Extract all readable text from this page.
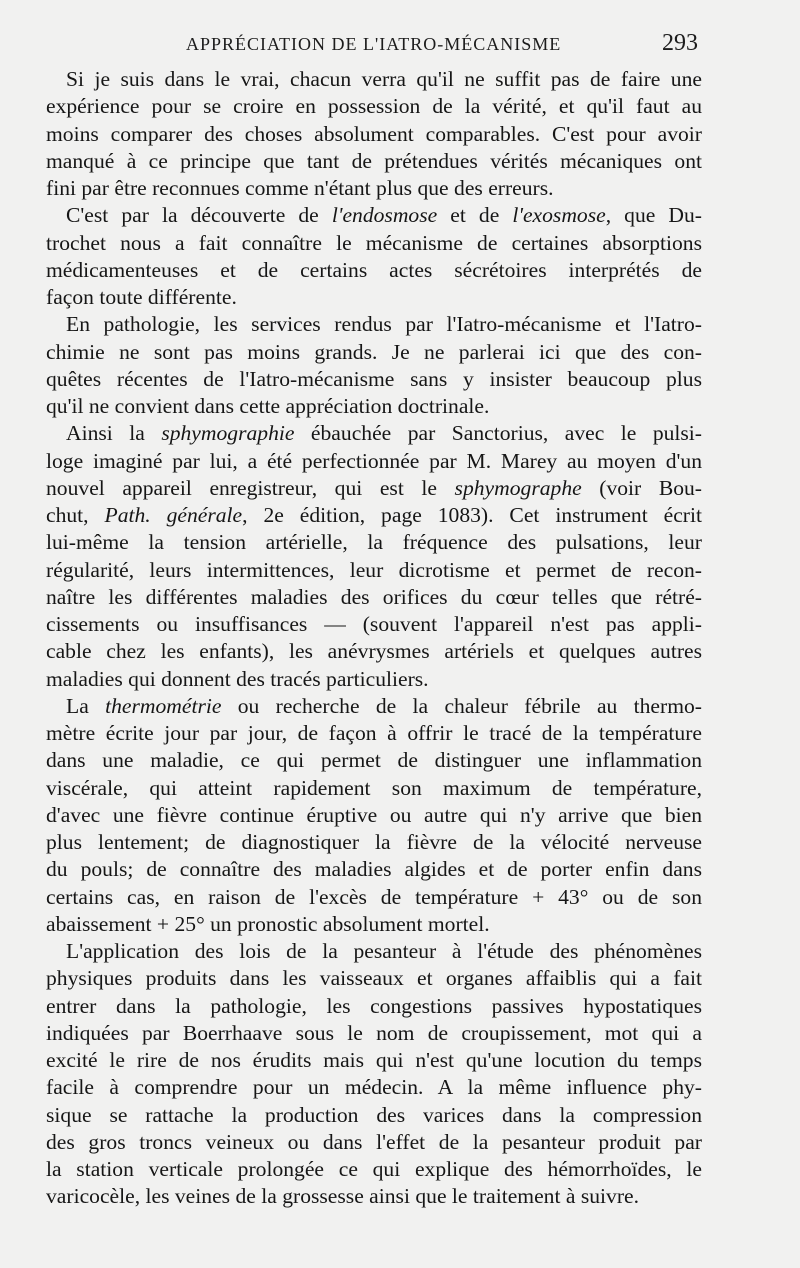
APPRÉCIATION DE L'IATRO-MÉCANISME	293

Si je suis dans le vrai, chacun verra qu'il ne suffit pas de faire une
expérience pour se croire en possession de la vérité, et qu'il faut au
moins comparer des choses absolument comparables. C'est pour avoir
manqué à ce principe que tant de prétendues vérités mécaniques ont
fini par être reconnues comme n'étant plus que des erreurs.

C'est par la découverte de l'endosmose et de l'exosmose, que Du-
trochet nous a fait connaître le mécanisme de certaines absorptions
médicamenteuses et de certains actes sécrétoires interprétés de
façon toute différente.

En pathologie, les services rendus par l'Iatro-mécanisme et l'Iatro-
chimie ne sont pas moins grands. Je ne parlerai ici que des con-
quêtes récentes de l'Iatro-mécanisme sans y insister beaucoup plus
qu'il ne convient dans cette appréciation doctrinale.

Ainsi la sphymographie ébauchée par Sanctorius, avec le pulsi-
loge imaginé par lui, a été perfectionnée par M. Marey au moyen d'un
nouvel appareil enregistreur, qui est le sphymographe (voir Bou-
chut, Path. générale, 2e édition, page 1083). Cet instrument écrit
lui-même la tension artérielle, la fréquence des pulsations, leur
régularité, leurs intermittences, leur dicrotisme et permet de recon-
naître les différentes maladies des orifices du cœur telles que rétré-
cissements ou insuffisances — (souvent l'appareil n'est pas appli-
cable chez les enfants), les anévrysmes artériels et quelques autres
maladies qui donnent des tracés particuliers.

La thermométrie ou recherche de la chaleur fébrile au thermo-
mètre écrite jour par jour, de façon à offrir le tracé de la température
dans une maladie, ce qui permet de distinguer une inflammation
viscérale, qui atteint rapidement son maximum de température,
d'avec une fièvre continue éruptive ou autre qui n'y arrive que bien
plus lentement; de diagnostiquer la fièvre de la vélocité nerveuse
du pouls; de connaître des maladies algides et de porter enfin dans
certains cas, en raison de l'excès de température + 43° ou de son
abaissement + 25° un pronostic absolument mortel.

L'application des lois de la pesanteur à l'étude des phénomènes
physiques produits dans les vaisseaux et organes affaiblis qui a fait
entrer dans la pathologie, les congestions passives hypostatiques
indiquées par Boerrhaave sous le nom de croupissement, mot qui a
excité le rire de nos érudits mais qui n'est qu'une locution du temps
facile à comprendre pour un médecin. A la même influence phy-
sique se rattache la production des varices dans la compression
des gros troncs veineux ou dans l'effet de la pesanteur produit par
la station verticale prolongée ce qui explique des hémorrhoïdes, le
varicocèle, les veines de la grossesse ainsi que le traitement à suivre.
